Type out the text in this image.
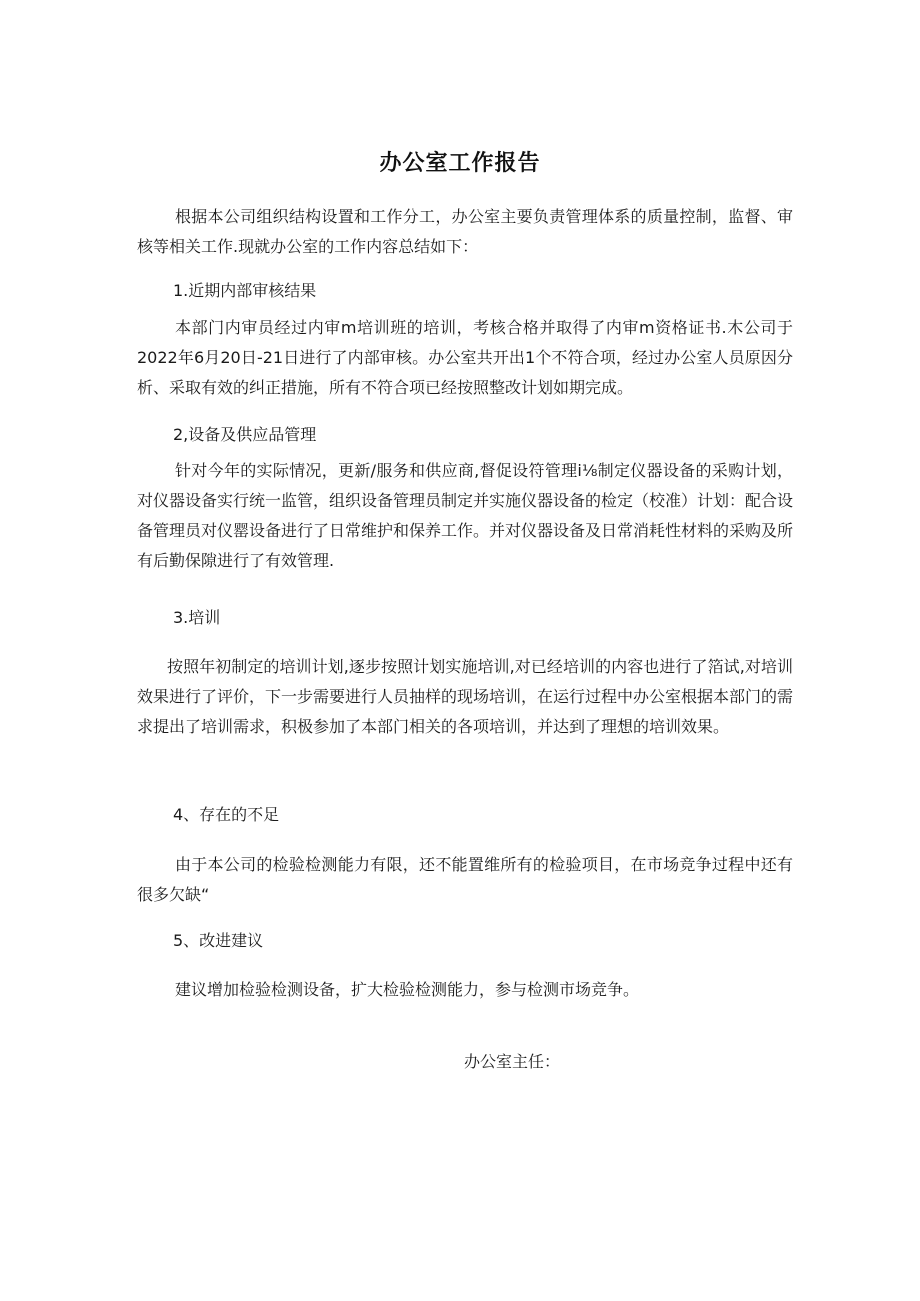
办公室工作报告

根据本公司组织结构设置和工作分工，办公室主要负责管理体系的质量控制，监督、审核等相关工作.现就办公室的工作内容总结如下：

1.近期内部审核结果

本部门内审员经过内审m培训班的培训，考核合格并取得了内审m资格证书.木公司于2022年6月20日-21日进行了内部审核。办公室共开出1个不符合项，经过办公室人员原因分析、采取有效的纠正措施，所有不符合项已经按照整改计划如期完成。

2,设备及供应品管理

针对今年的实际情况，更新/服务和供应商,督促设符管理i⅛制定仪器设备的采购计划，对仪器设备实行统一监管，组织设备管理员制定并实施仪器设备的检定（校准）计划：配合设备管理员对仪罂设备进行了日常维护和保养工作。并对仪器设备及日常消耗性材料的采购及所有后勤保隙进行了有效管理.

3.培训

按照年初制定的培训计划,逐步按照计划实施培训,对已经培训的内容也进行了箔试,对培训效果进行了评价，下一步需要进行人员抽样的现场培训，在运行过程中办公室根据本部门的需求提出了培训需求，积极参加了本部门相关的各项培训，并达到了理想的培训效果。

4、存在的不足

由于本公司的检验检测能力有限，还不能置维所有的检验项目，在市场竞争过程中还有很多欠缺“

5、改进建议

建议增加检验检测设备，扩大检验检测能力，参与检测市场竞争。

办公室主任：
